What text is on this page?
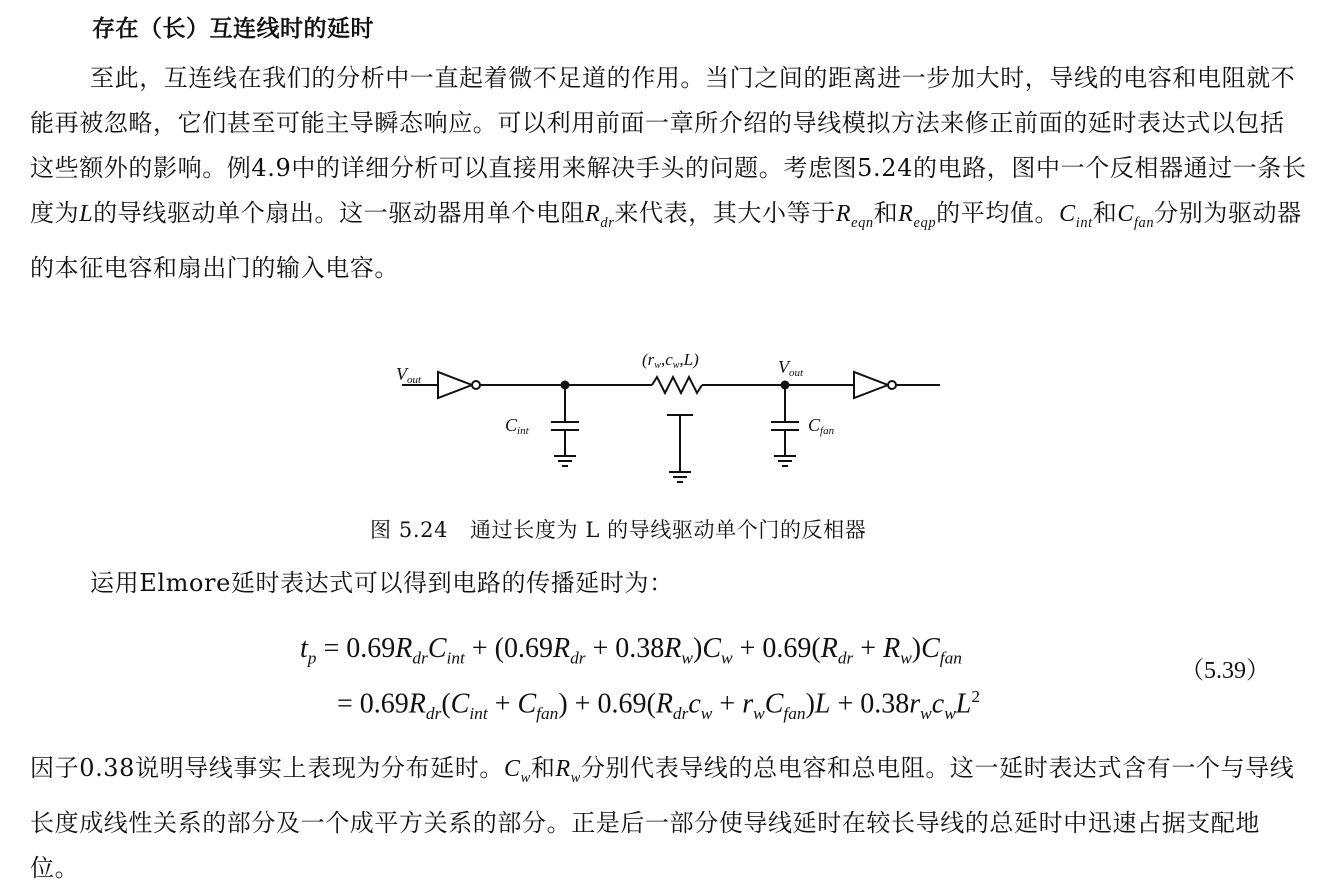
存在（长）互连线时的延时
至此，互连线在我们的分析中一直起着微不足道的作用。当门之间的距离进一步加大时，导线的电容和电阻就不能再被忽略，它们甚至可能主导瞬态响应。可以利用前面一章所介绍的导线模拟方法来修正前面的延时表达式以包括这些额外的影响。例4.9中的详细分析可以直接用来解决手头的问题。考虑图5.24的电路，图中一个反相器通过一条长度为L的导线驱动单个扇出。这一驱动器用单个电阻$R_{dr}$来代表，其大小等于$R_{eqn}$和$R_{eqp}$的平均值。$C_{int}$和$C_{fan}$分别为驱动器的本征电容和扇出门的输入电容。
Vout
Cint
(rw,cw,L)	Vout
Cfan
图 5.24 通过长度为 L 的导线驱动单个门的反相器
运用Elmore延时表达式可以得到电路的传播延时为：
$t_p = 0.69R_{dr}C_{int} + (0.69R_{dr} + 0.38R_w)C_w + 0.69(R_{dr} + R_w)C_{fan}$
= $0.69R_{dr}(C_{int} + C_{fan}) + 0.69(R_{dr}c_w + r_wC_{fan})L + 0.38r_wc_wL^2$
（5.39）
因子0.38说明导线事实上表现为分布延时。$C_w$和$R_w$分别代表导线的总电容和总电阻。这一延时表达式含有一个与导线长度成线性关系的部分及一个成平方关系的部分。正是后一部分使导线延时在较长导线的总延时中迅速占据支配地位。
